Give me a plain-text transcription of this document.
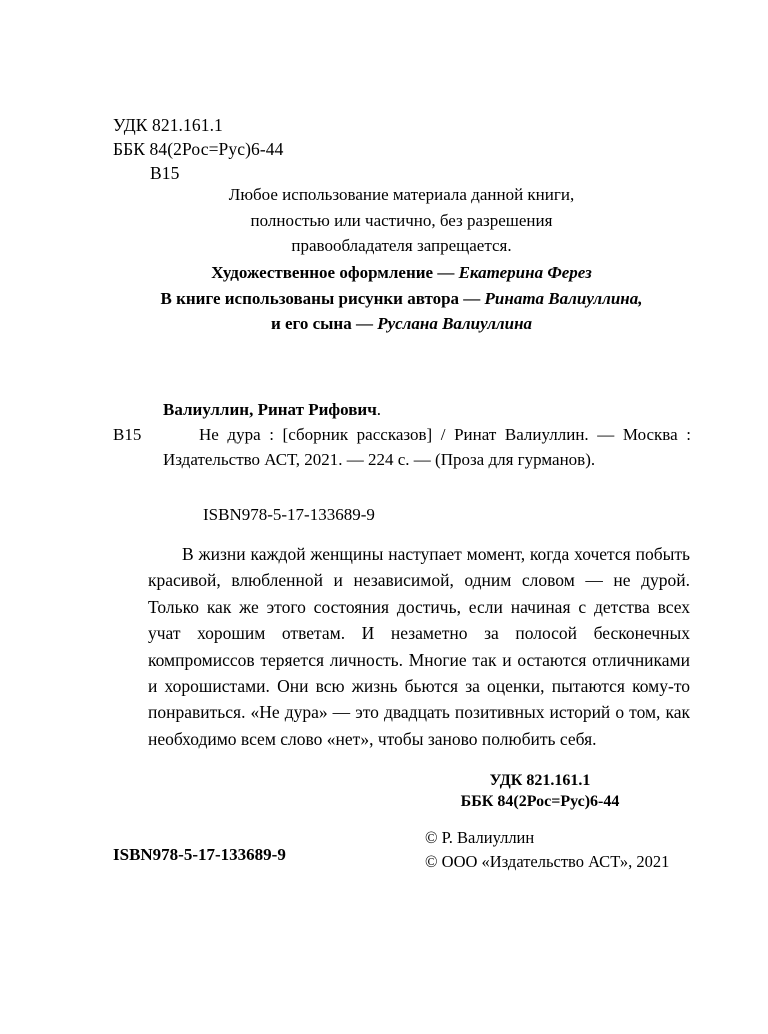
УДК 821.161.1
ББК 84(2Рос=Рус)6-44
В15
Любое использование материала данной книги,
полностью или частично, без разрешения
правообладателя запрещается.
Художественное оформление — Екатерина Ферез
В книге использованы рисунки автора — Рината Валиуллина,
и его сына — Руслана Валиуллина
Валиуллин, Ринат Рифович.
В15	Не дура : [сборник рассказов] / Ринат Валиуллин. — Москва : Издательство АСТ, 2021. — 224 с. — (Проза для гурманов).
ISBN978-5-17-133689-9
В жизни каждой женщины наступает момент, когда хочется побыть красивой, влюбленной и независимой, одним словом — не дурой. Только как же этого состояния достичь, если начиная с детства всех учат хорошим ответам. И незаметно за полосой бесконечных компромиссов теряется личность. Многие так и остаются отличниками и хорошистами. Они всю жизнь бьются за оценки, пытаются кому-то понравиться. «Не дура» — это двадцать позитивных историй о том, как необходимо всем слово «нет», чтобы заново полюбить себя.
УДК 821.161.1
ББК 84(2Рос=Рус)6-44
ISBN978-5-17-133689-9
© Р. Валиуллин
© ООО «Издательство АСТ», 2021
